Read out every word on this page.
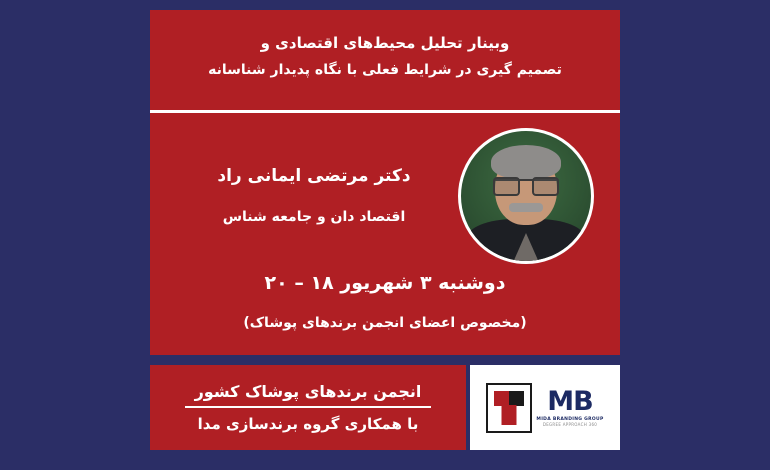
وبینار تحلیل محیط‌های اقتصادی و
تصمیم گیری در شرایط فعلی با نگاه پدیدار شناسانه
دکتر مرتضی ایمانی راد
اقتصاد دان و جامعه شناس
دوشنبه ۳ شهریور ۱۸ – ۲۰
(مخصوص اعضای انجمن برندهای پوشاک)
MB
MIDA BRANDING GROUP
360 DEGREE APPROACH
انجمن برندهای پوشاک کشور
با همکاری گروه برندسازی مدا
